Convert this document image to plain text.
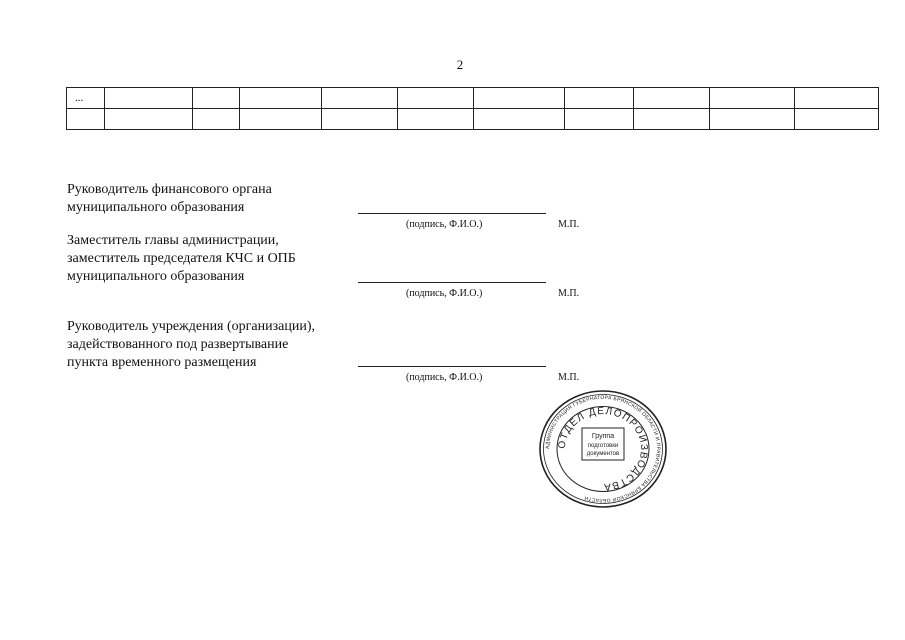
2
...										

Руководитель финансового органа
муниципального образования
(подпись, Ф.И.О.)	М.П.
Заместитель главы администрации,
заместитель председателя КЧС и ОПБ
муниципального образования
(подпись, Ф.И.О.)	М.П.
Руководитель учреждения (организации),
задействованного под развертывание
пункта временного размещения
(подпись, Ф.И.О.)	М.П.
АДМИНИСТРАЦИЯ ГУБЕРНАТОРА БРЯНСКОЙ ОБЛАСТИ И ПРАВИТЕЛЬСТВА БРЯНСКОЙ ОБЛАСТИ
ОТДЕЛ ДЕЛОПРОИЗВОДСТВА
Группа
подготовки
документов
